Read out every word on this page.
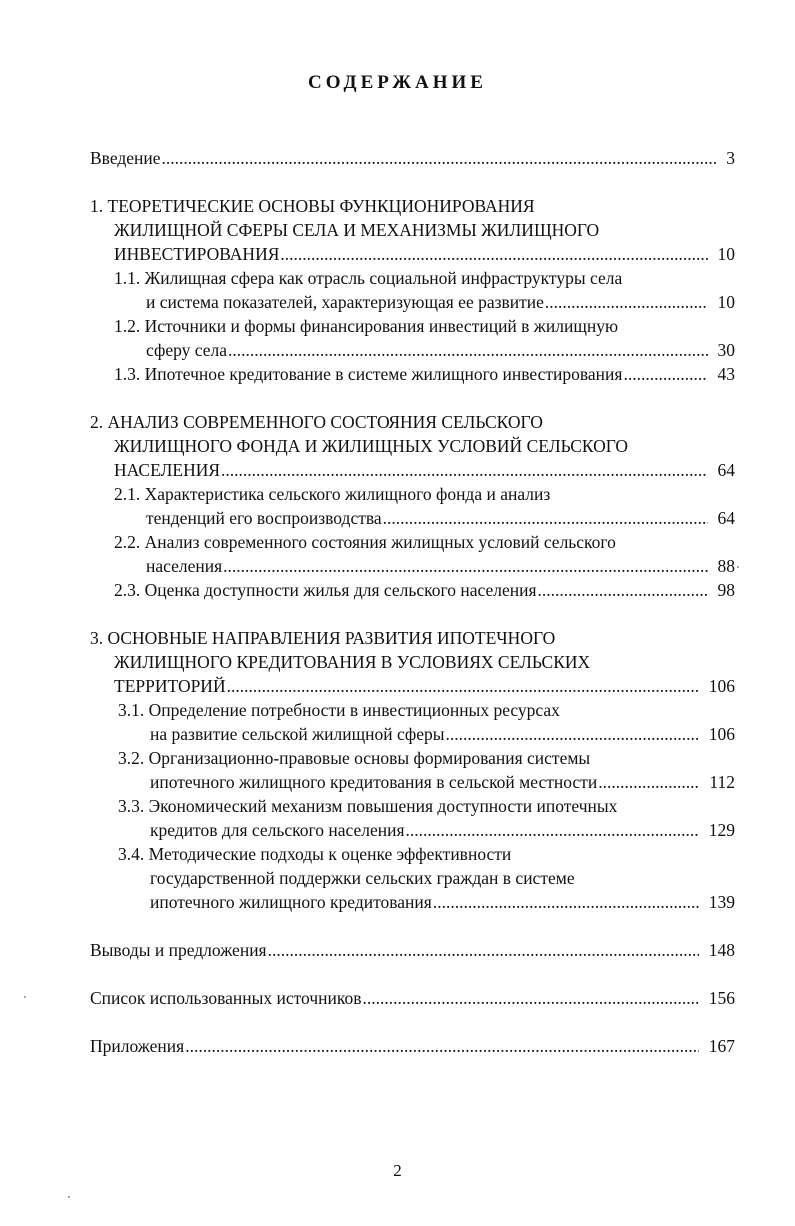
СОДЕРЖАНИЕ
Введение .....	3
1. ТЕОРЕТИЧЕСКИЕ ОСНОВЫ ФУНКЦИОНИРОВАНИЯ
ЖИЛИЩНОЙ СФЕРЫ СЕЛА И МЕХАНИЗМЫ ЖИЛИЩНОГО
ИНВЕСТИРОВАНИЯ .....	10
1.1. Жилищная сфера как отрасль социальной инфраструктуры села
и система показателей, характеризующая ее развитие .....	10
1.2. Источники и формы финансирования инвестиций в жилищную
сферу села .....	30
1.3. Ипотечное кредитование в системе жилищного инвестирования .....	43
2. АНАЛИЗ СОВРЕМЕННОГО СОСТОЯНИЯ СЕЛЬСКОГО
ЖИЛИЩНОГО ФОНДА И ЖИЛИЩНЫХ УСЛОВИЙ СЕЛЬСКОГО
НАСЕЛЕНИЯ .....	64
2.1. Характеристика сельского жилищного фонда и анализ
тенденций его воспроизводства .....	64
2.2. Анализ современного состояния жилищных условий сельского
населения .....	88
2.3. Оценка доступности жилья для сельского населения .....	98
3. ОСНОВНЫЕ НАПРАВЛЕНИЯ РАЗВИТИЯ ИПОТЕЧНОГО
ЖИЛИЩНОГО КРЕДИТОВАНИЯ В УСЛОВИЯХ СЕЛЬСКИХ
ТЕРРИТОРИЙ .....	106
3.1. Определение потребности в инвестиционных ресурсах
на развитие сельской жилищной сферы .....	106
3.2. Организационно-правовые основы формирования системы
ипотечного жилищного кредитования в сельской местности .....	112
3.3. Экономический механизм повышения доступности ипотечных
кредитов для сельского населения .....	129
3.4. Методические подходы к оценке эффективности
государственной поддержки сельских граждан в системе
ипотечного жилищного кредитования .....	139
Выводы и предложения .....	148
Список использованных источников .....	156
Приложения .....	167
2
